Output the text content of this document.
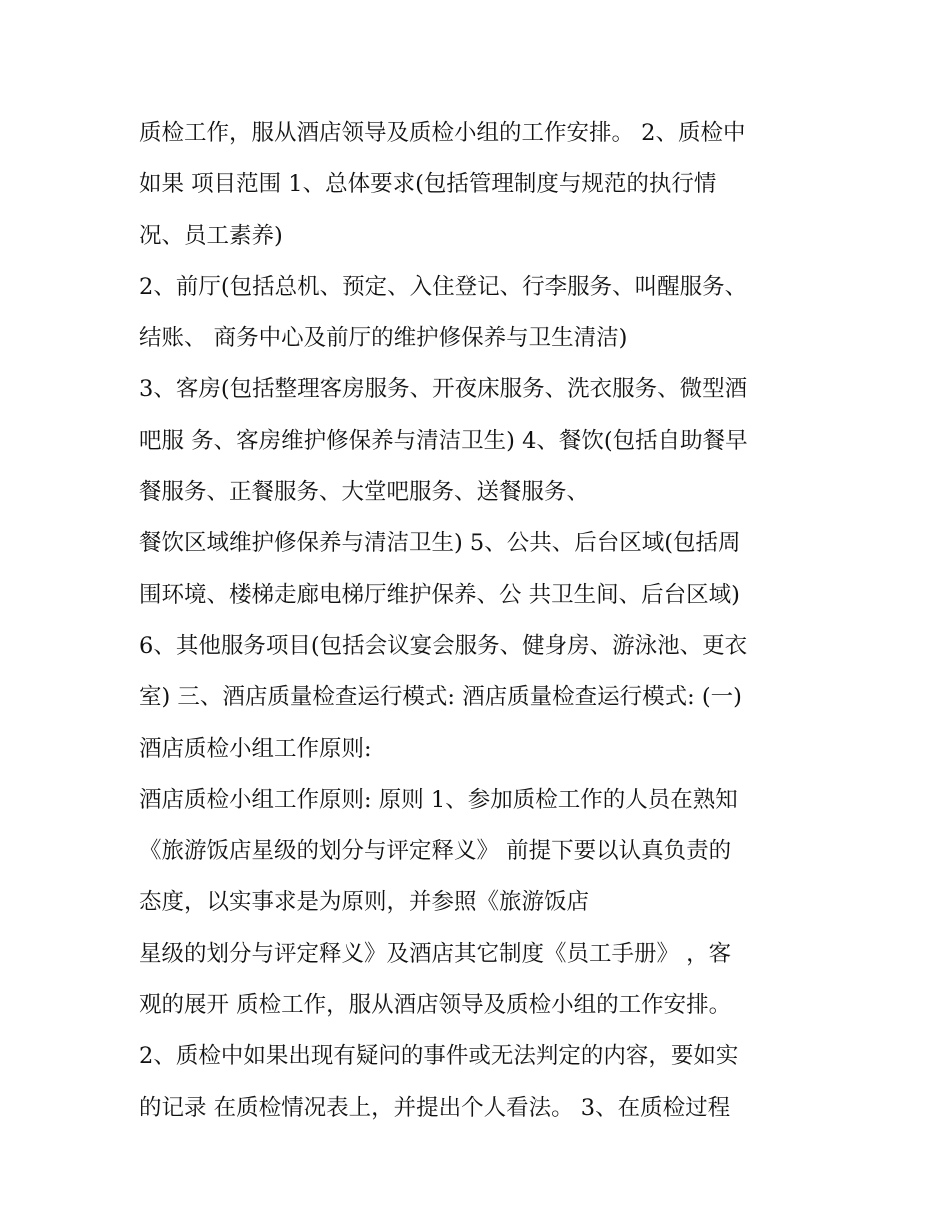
质检工作，服从酒店领导及质检小组的工作安排。 2、质检中
如果 项目范围 1、总体要求(包括管理制度与规范的执行情
况、员工素养)
2、前厅(包括总机、预定、入住登记、行李服务、叫醒服务、
结账、 商务中心及前厅的维护修保养与卫生清洁)
3、客房(包括整理客房服务、开夜床服务、洗衣服务、微型酒
吧服 务、客房维护修保养与清洁卫生) 4、餐饮(包括自助餐早
餐服务、正餐服务、大堂吧服务、送餐服务、
餐饮区域维护修保养与清洁卫生) 5、公共、后台区域(包括周
围环境、楼梯走廊电梯厅维护保养、公 共卫生间、后台区域)
6、其他服务项目(包括会议宴会服务、健身房、游泳池、更衣
室) 三、酒店质量检查运行模式: 酒店质量检查运行模式: (一)
酒店质检小组工作原则:
酒店质检小组工作原则: 原则 1、参加质检工作的人员在熟知
《旅游饭店星级的划分与评定释义》 前提下要以认真负责的
态度，以实事求是为原则，并参照《旅游饭店
星级的划分与评定释义》及酒店其它制度《员工手册》 ，客
观的展开 质检工作，服从酒店领导及质检小组的工作安排。
2、质检中如果出现有疑问的事件或无法判定的内容，要如实
的记录 在质检情况表上，并提出个人看法。 3、在质检过程
